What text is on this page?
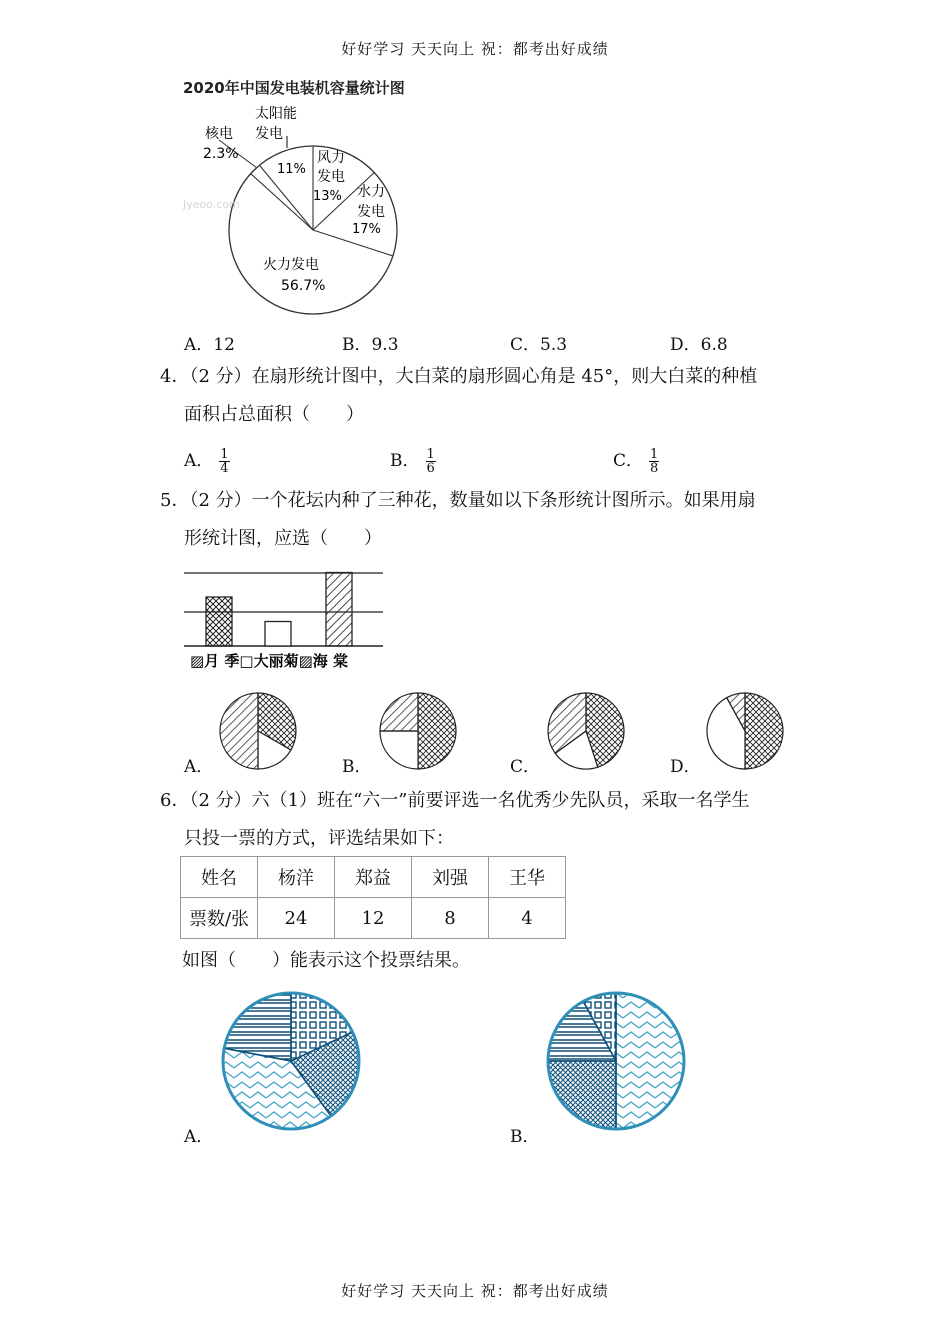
好好学习 天天向上 祝：都考出好成绩
2020年中国发电装机容量统计图
风力
发电
13% 水力
发电
17%
火力发电
56.7%
核电
2.3%
太阳能
发电
11%
Jyeoo.com
A．12	B．9.3	C．5.3	D．6.8
4．（2 分）在扇形统计图中，大白菜的扇形圆心角是 45°，则大白菜的种植
面积占总面积（　　）
A． $\frac{1}{4}$	B． $\frac{1}{6}$	C． $\frac{1}{8}$
5．（2 分）一个花坛内种了三种花，数量如以下条形统计图所示。如果用扇
形统计图，应选（　　）
▨月 季□大丽菊▨海 棠
A．	B．	C．	D．
6．（2 分）六（1）班在“六一”前要评选一名优秀少先队员，采取一名学生
只投一票的方式，评选结果如下：
姓名	杨洋	郑益	刘强	王华
票数/张	24	12	8	4
如图（　　）能表示这个投票结果。
A．	B．
好好学习 天天向上 祝：都考出好成绩
